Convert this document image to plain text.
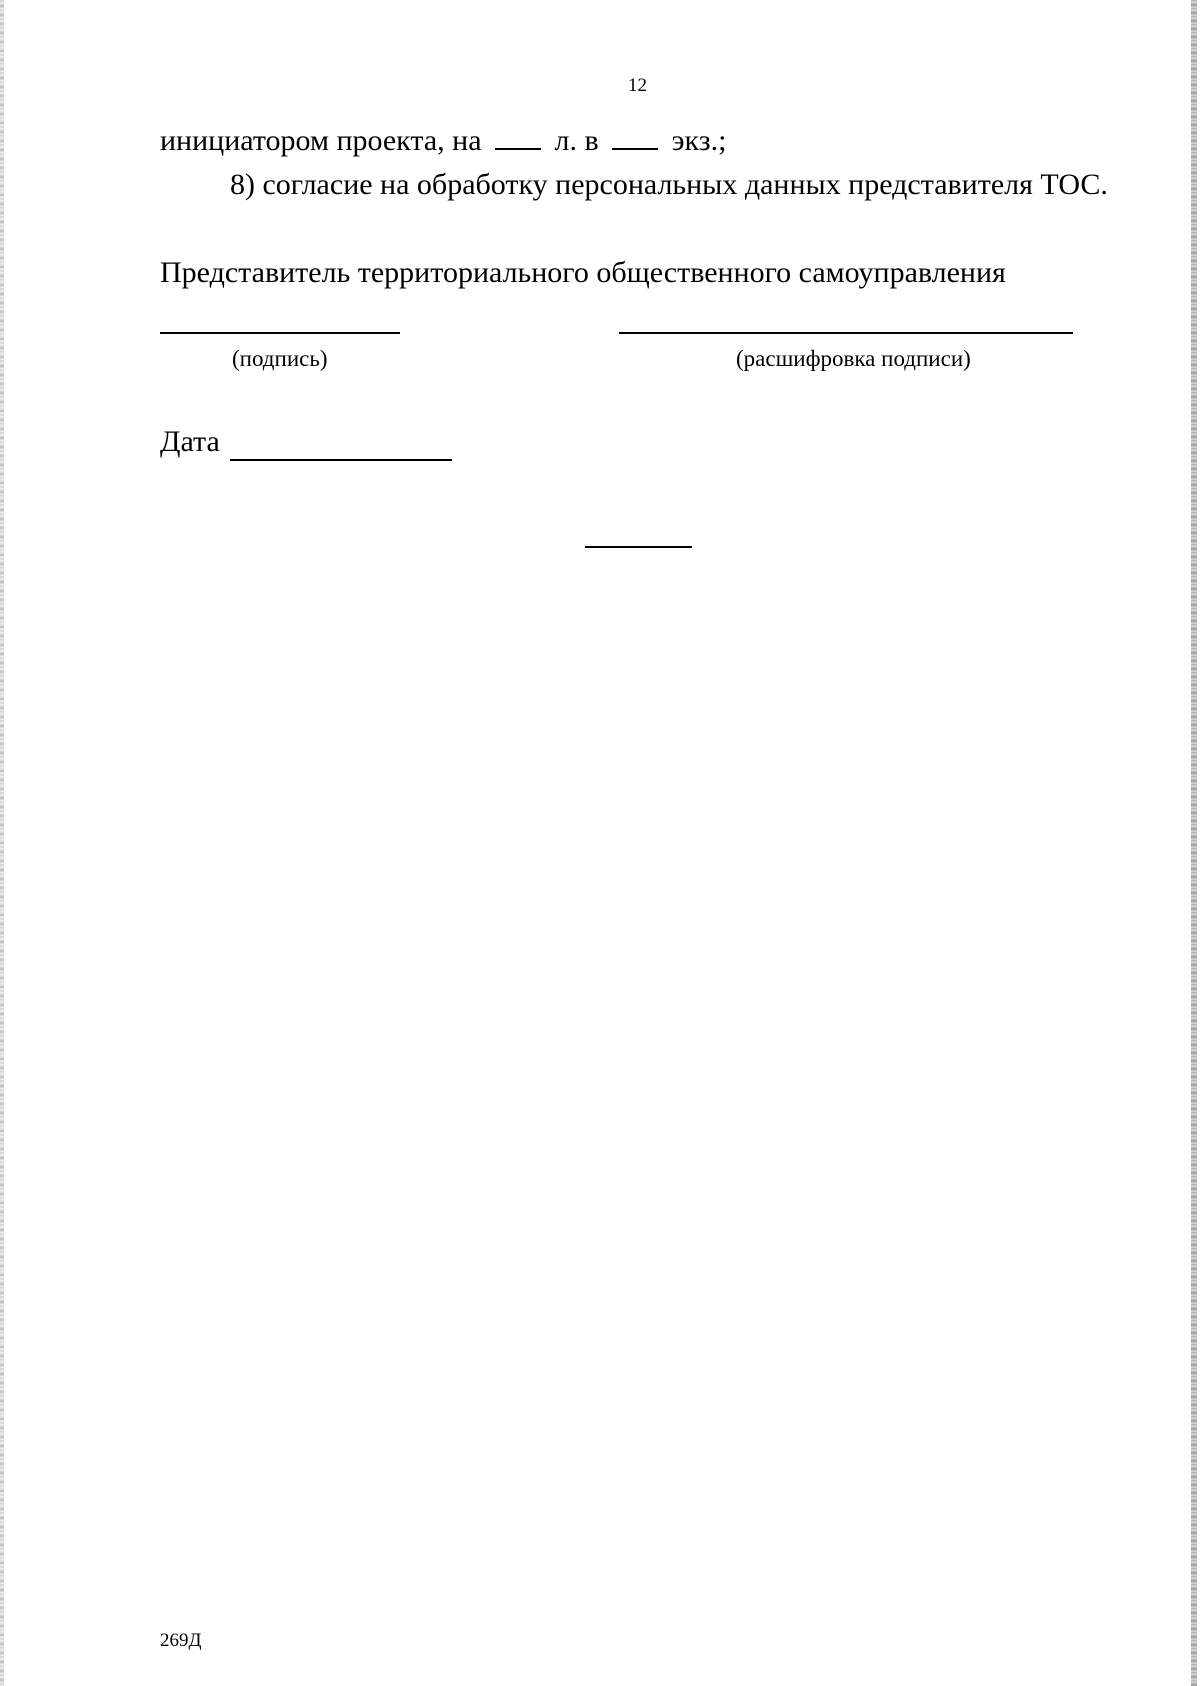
12
инициатором проекта, на л. в экз.;
8) согласие на обработку персональных данных представителя ТОС.
Представитель территориального общественного самоуправления
(подпись)	(расшифровка подписи)
Дата
269Д
